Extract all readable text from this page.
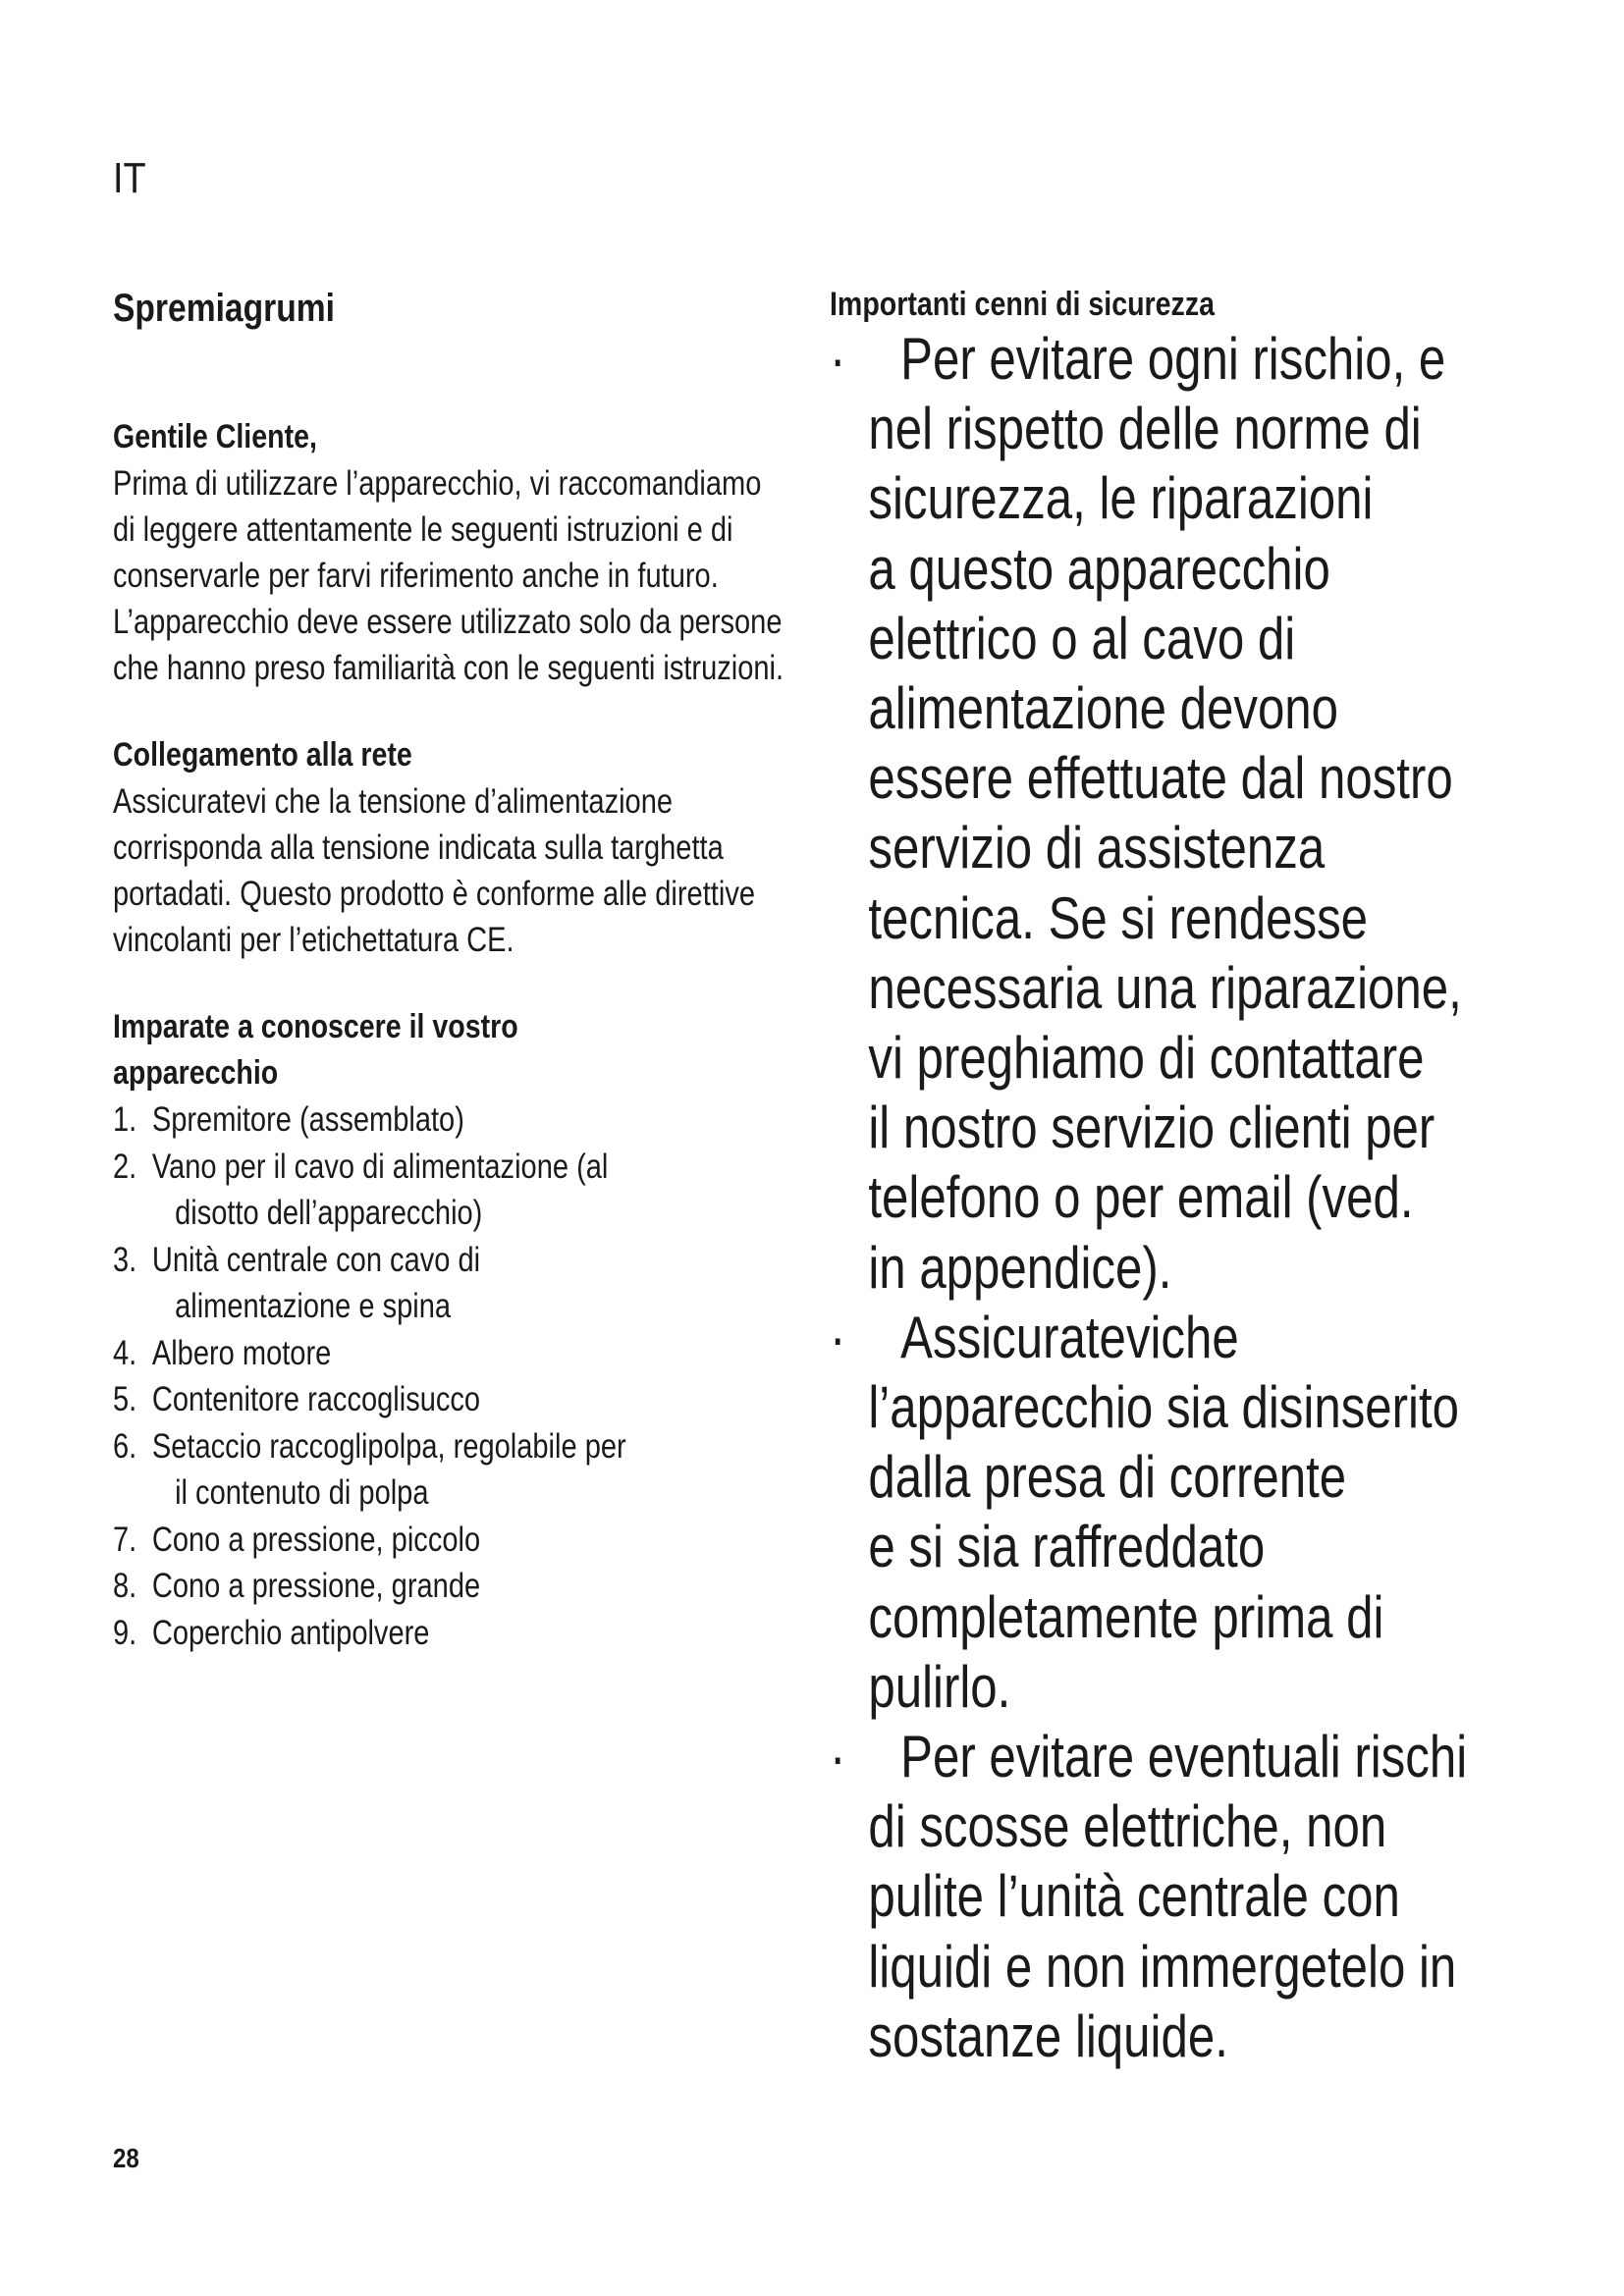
IT
Spremiagrumi
Gentile Cliente,

Prima di utilizzare l’apparecchio, vi raccomandiamo di leggere attentamente le seguenti istruzioni e di conservarle per farvi riferimento anche in futuro. L’apparecchio deve essere utilizzato solo da persone che hanno preso familiarità con le seguenti istruzioni.

Collegamento alla rete

Assicuratevi che la tensione d’alimentazione corrisponda alla tensione indicata sulla targhetta portadati. Questo prodotto è conforme alle direttive vincolanti per l’etichettatura CE.

Imparate a conoscere il vostro apparecchio
1. Spremitore (assemblato)
2. Vano per il cavo di alimentazione (al
disotto dell’apparecchio)
3. Unità centrale con cavo di
alimentazione e spina
4. Albero motore
5. Contenitore raccoglisucco
6. Setaccio raccoglipolpa, regolabile per
il contenuto di polpa
7. Cono a pressione, piccolo
8. Cono a pressione, grande
9. Coperchio antipolvere
Importanti cenni di sicurezza

· Per evitare ogni rischio, e
nel rispetto delle norme di
sicurezza, le riparazioni
a questo apparecchio
elettrico o al cavo di
alimentazione devono
essere effettuate dal nostro
servizio di assistenza
tecnica. Se si rendesse
necessaria una riparazione,
vi preghiamo di contattare
il nostro servizio clienti per
telefono o per email (ved.
in appendice).

· Assicurateviche
l’apparecchio sia disinserito
dalla presa di corrente
e si sia raffreddato
completamente prima di
pulirlo.

· Per evitare eventuali rischi
di scosse elettriche, non
pulite l’unità centrale con
liquidi e non immergetelo in
sostanze liquide.

28
